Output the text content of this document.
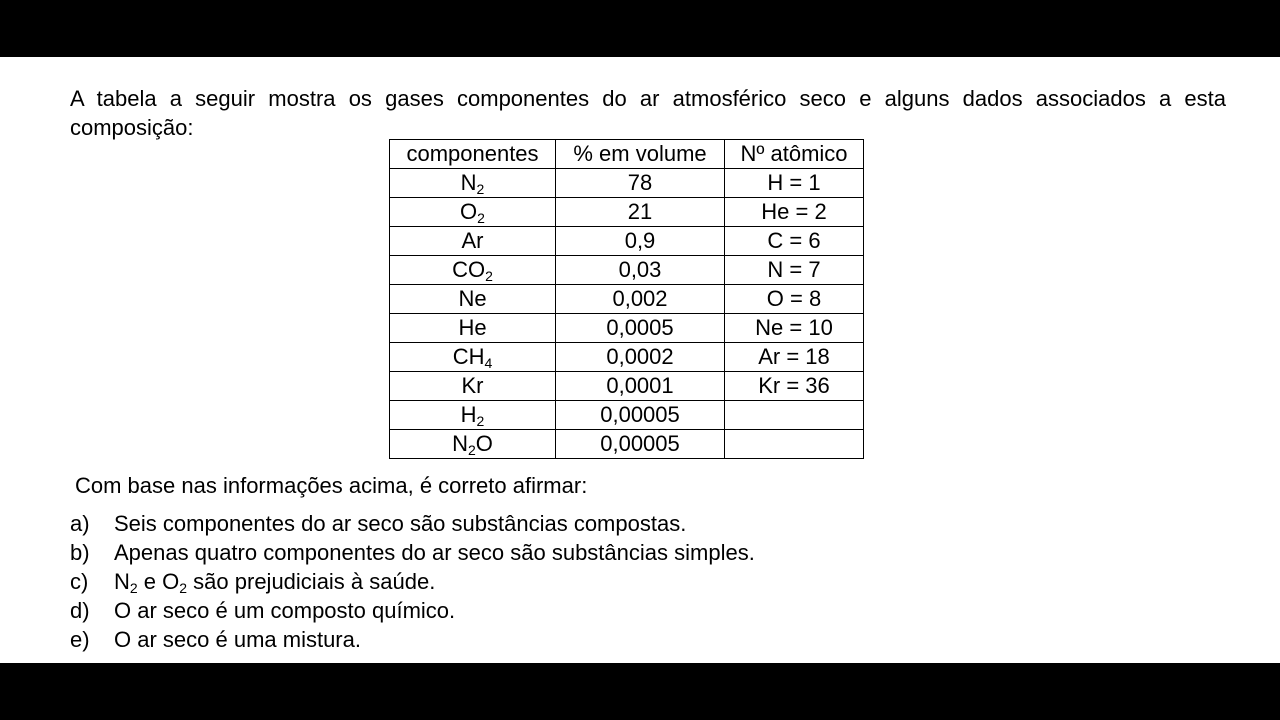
A tabela a seguir mostra os gases componentes do ar atmosférico seco e alguns dados associados a esta composição:
componentes	% em volume	Nº atômico
$N_2$	78	H = 1
$O_2$	21	He = 2
Ar	0,9	C = 6
$CO_2$	0,03	N = 7
Ne	0,002	O = 8
He	0,0005	Ne = 10
$CH_4$	0,0002	Ar = 18
Kr	0,0001	Kr = 36
$H_2$	0,00005	
$N_2O$	0,00005	
Com base nas informações acima, é correto afirmar:
a)	Seis componentes do ar seco são substâncias compostas.
b)	Apenas quatro componentes do ar seco são substâncias simples.
c)	$N_2$ e $O_2$ são prejudiciais à saúde.
d)	O ar seco é um composto químico.
e)	O ar seco é uma mistura.
